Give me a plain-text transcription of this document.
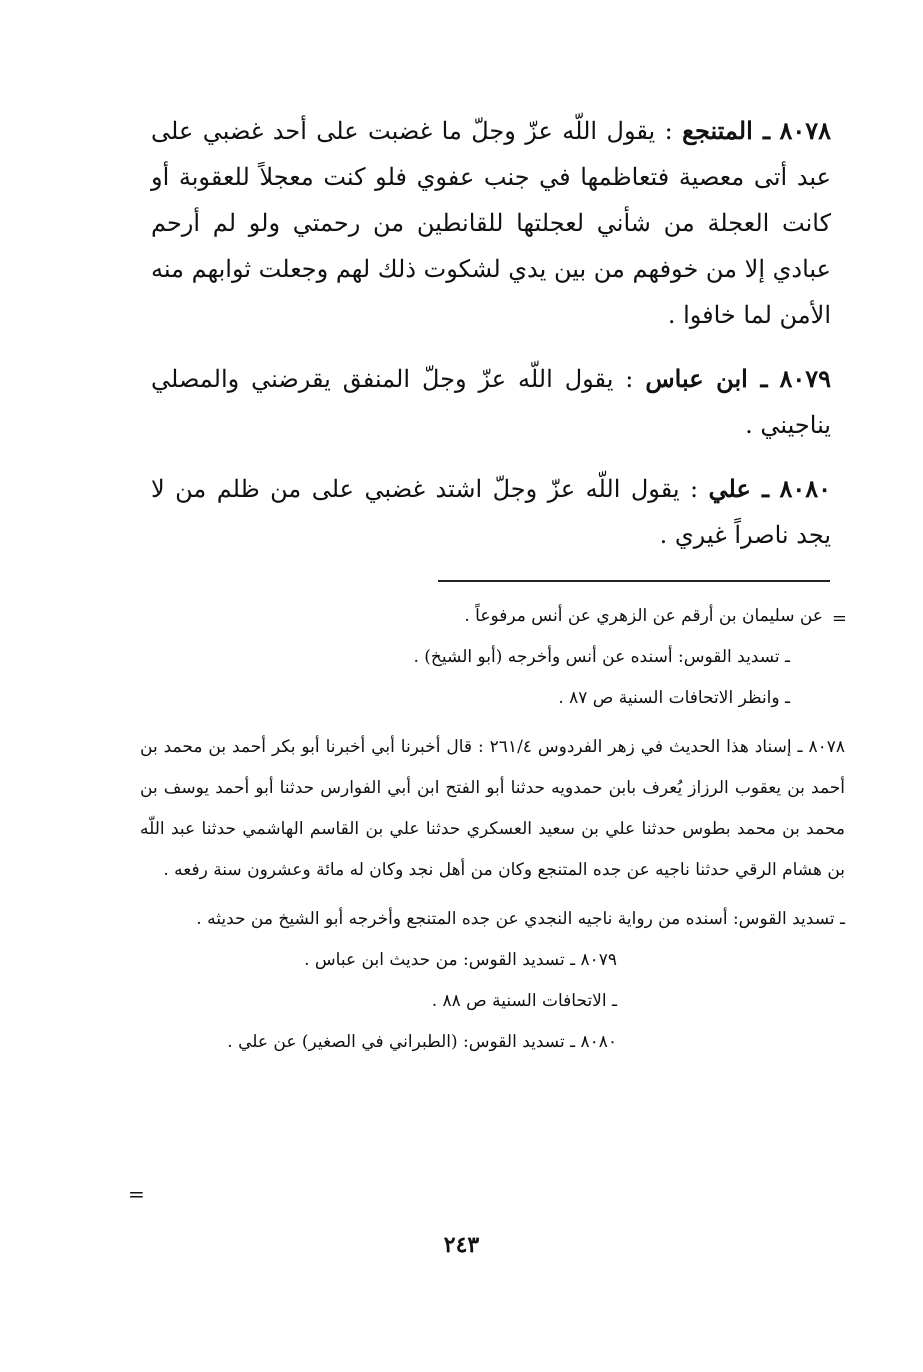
٨٠٧٨ ـ المتنجع : يقول اللّه عزّ وجلّ ما غضبت على أحد غضبي على عبد أتى معصية فتعاظمها في جنب عفوي فلو كنت معجلاً للعقوبة أو كانت العجلة من شأني لعجلتها للقانطين من رحمتي ولو لم أرحم عبادي إلا من خوفهم من بين يدي لشكوت ذلك لهم وجعلت ثوابهم منه الأمن لما خافوا .

٨٠٧٩ ـ ابن عباس : يقول اللّه عزّ وجلّ المنفق يقرضني والمصلي يناجيني .

٨٠٨٠ ـ علي : يقول اللّه عزّ وجلّ اشتد غضبي على من ظلم من لا يجد ناصراً غيري .

=

عن سليمان بن أرقم عن الزهري عن أنس مرفوعاً .

ـ تسديد القوس: أسنده عن أنس وأخرجه (أبو الشيخ) .

ـ وانظر الاتحافات السنية ص ٨٧ .

٨٠٧٨ ـ إسناد هذا الحديث في زهر الفردوس ٢٦١/٤ : قال أخبرنا أبي أخبرنا أبو بكر أحمد بن محمد بن أحمد بن يعقوب الرزاز يُعرف بابن حمدويه حدثنا أبو الفتح ابن أبي الفوارس حدثنا أبو أحمد يوسف بن محمد بن محمد بطوس حدثنا علي بن سعيد العسكري حدثنا علي بن القاسم الهاشمي حدثنا عبد اللّه بن هشام الرقي حدثنا ناجيه عن جده المتنجع وكان من أهل نجد وكان له مائة وعشرون سنة رفعه .

ـ تسديد القوس: أسنده من رواية ناجيه النجدي عن جده المتنجع وأخرجه أبو الشيخ من حديثه .

٨٠٧٩ ـ تسديد القوس: من حديث ابن عباس .

ـ الاتحافات السنية ص ٨٨ .

٨٠٨٠ ـ تسديد القوس: (الطبراني في الصغير) عن علي .

=
٢٤٣
